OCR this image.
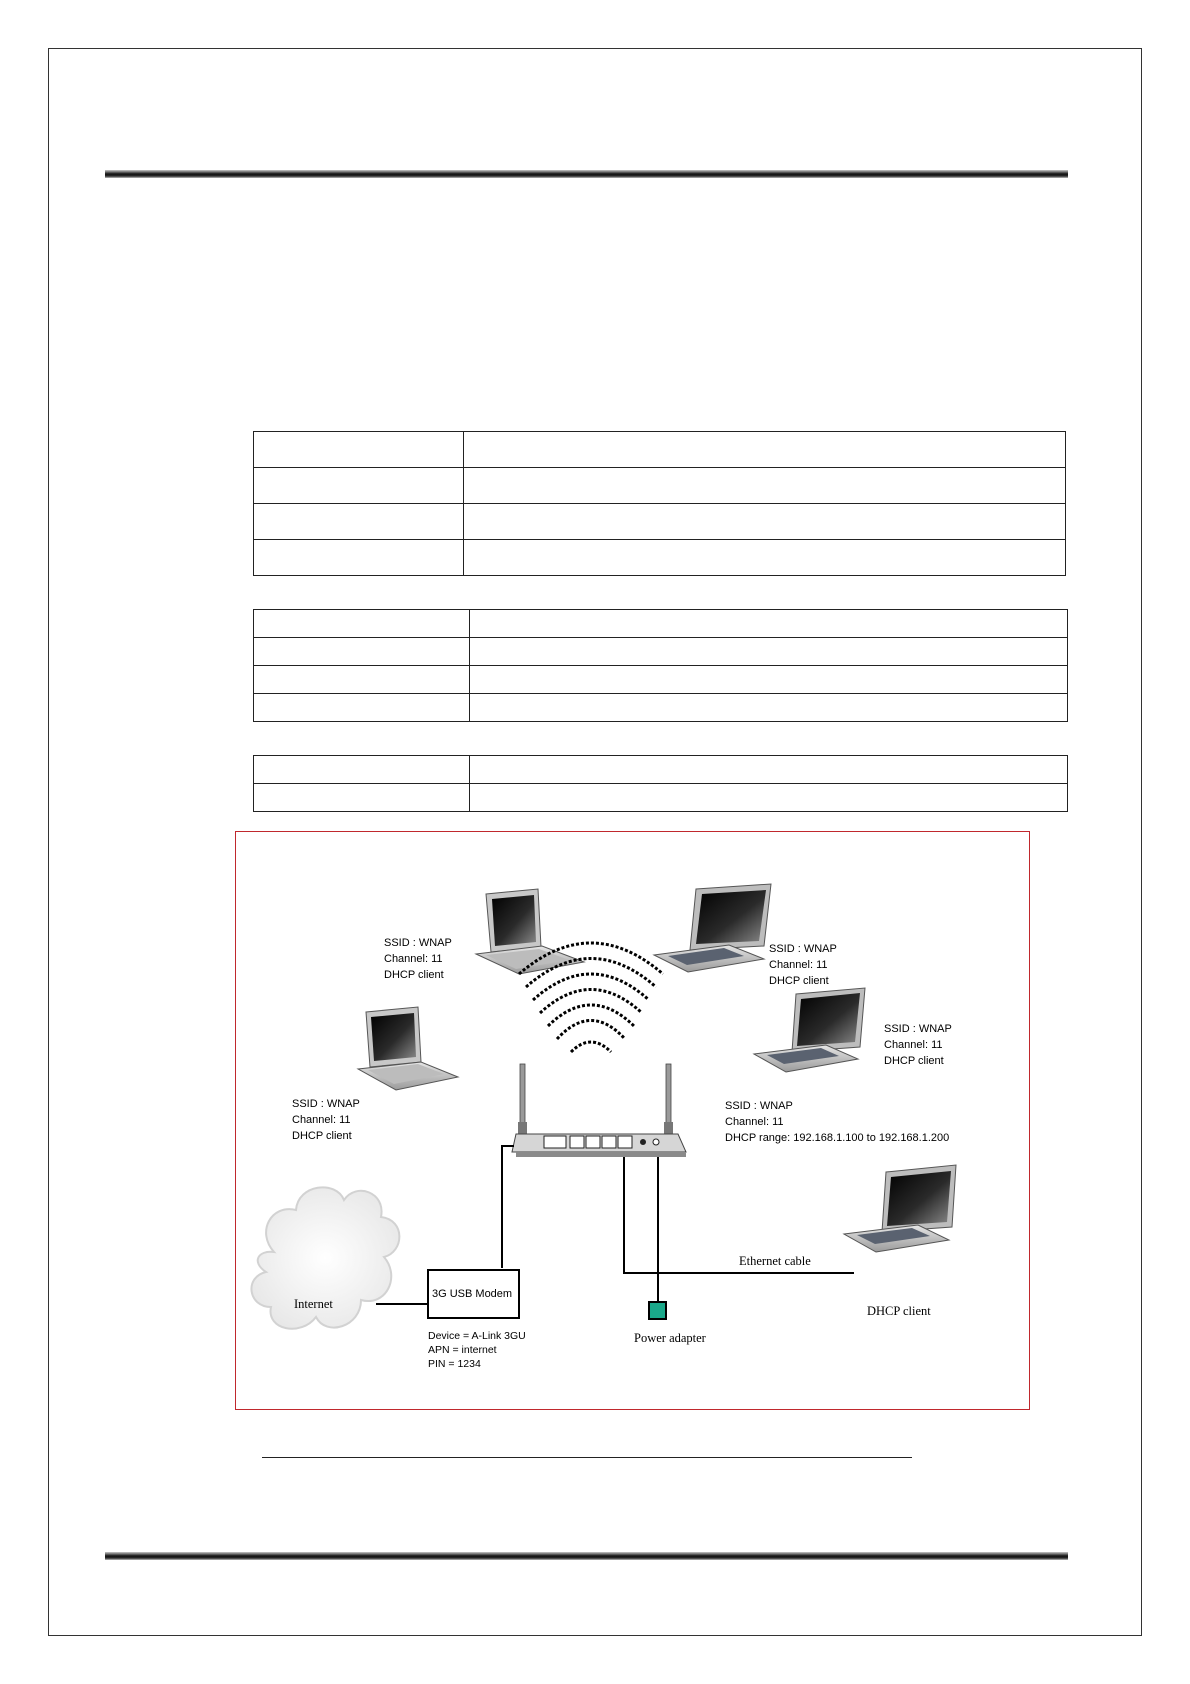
SSID : WNAP
Channel: 11
DHCP client
SSID : WNAP
Channel: 11
DHCP client
SSID : WNAP
Channel: 11
DHCP client
SSID : WNAP
Channel: 11
DHCP client
SSID : WNAP
Channel: 11
DHCP range: 192.168.1.100 to 192.168.1.200
Internet
3G USB Modem
Device = A-Link 3GU
APN = internet
PIN = 1234
Power adapter
Ethernet cable
DHCP client
